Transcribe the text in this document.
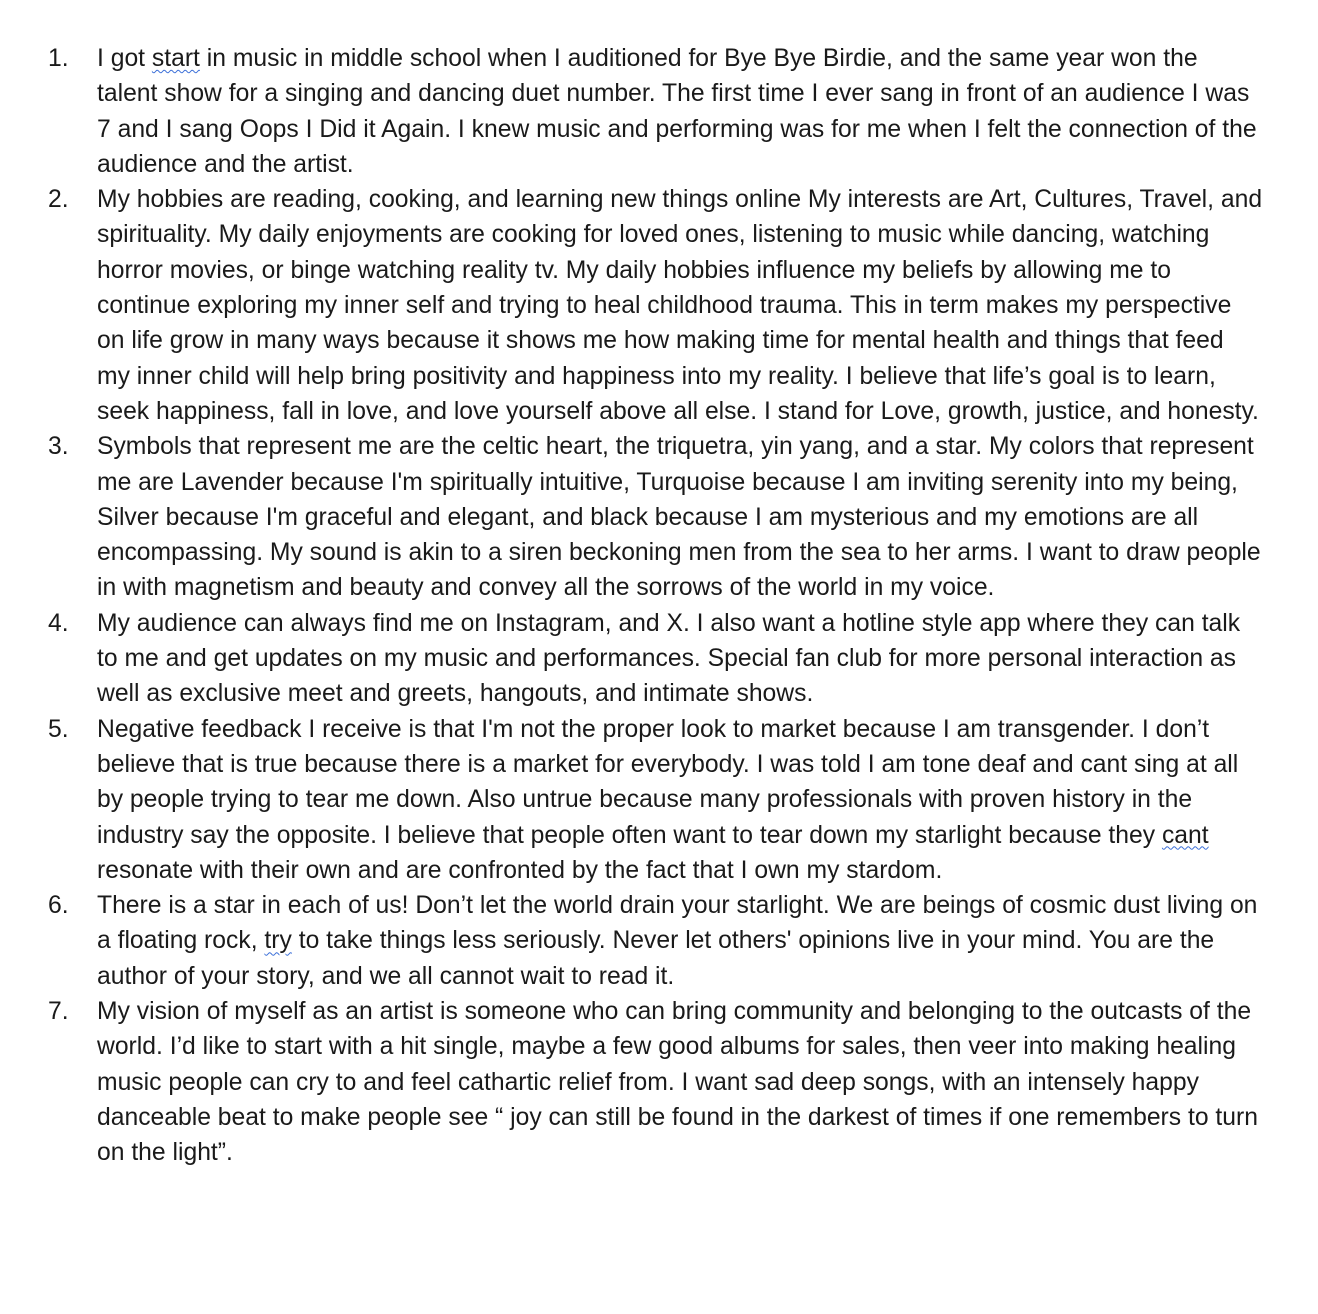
1.	I got start in music in middle school when I auditioned for Bye Bye Birdie, and the same year won the talent show for a singing and dancing duet number. The first time I ever sang in front of an audience I was 7 and I sang Oops I Did it Again. I knew music and performing was for me when I felt the connection of the audience and the artist.
2.	My hobbies are reading, cooking, and learning new things online My interests are Art, Cultures, Travel, and spirituality. My daily enjoyments are cooking for loved ones, listening to music while dancing, watching horror movies, or binge watching reality tv. My daily hobbies influence my beliefs by allowing me to continue exploring my inner self and trying to heal childhood trauma. This in term makes my perspective on life grow in many ways because it shows me how making time for mental health and things that feed my inner child will help bring positivity and happiness into my reality. I believe that life’s goal is to learn, seek happiness, fall in love, and love yourself above all else. I stand for Love, growth, justice, and honesty.
3.	Symbols that represent me are the celtic heart, the triquetra, yin yang, and a star. My colors that represent me are Lavender because I'm spiritually intuitive, Turquoise because I am inviting serenity into my being, Silver because I'm graceful and elegant, and black because I am mysterious and my emotions are all encompassing. My sound is akin to a siren beckoning men from the sea to her arms. I want to draw people in with magnetism and beauty and convey all the sorrows of the world in my voice.
4.	My audience can always find me on Instagram, and X. I also want a hotline style app where they can talk to me and get updates on my music and performances. Special fan club for more personal interaction as well as exclusive meet and greets, hangouts, and intimate shows.
5.	Negative feedback I receive is that I'm not the proper look to market because I am transgender. I don’t believe that is true because there is a market for everybody. I was told I am tone deaf and cant sing at all by people trying to tear me down. Also untrue because many professionals with proven history in the industry say the opposite. I believe that people often want to tear down my starlight because they cant resonate with their own and are confronted by the fact that I own my stardom.
6.	There is a star in each of us! Don’t let the world drain your starlight. We are beings of cosmic dust living on a floating rock, try to take things less seriously. Never let others' opinions live in your mind. You are the author of your story, and we all cannot wait to read it.
7.	My vision of myself as an artist is someone who can bring community and belonging to the outcasts of the world. I’d like to start with a hit single, maybe a few good albums for sales, then veer into making healing music people can cry to and feel cathartic relief from. I want sad deep songs, with an intensely happy danceable beat to make people see “ joy can still be found in the darkest of times if one remembers to turn on the light”.
